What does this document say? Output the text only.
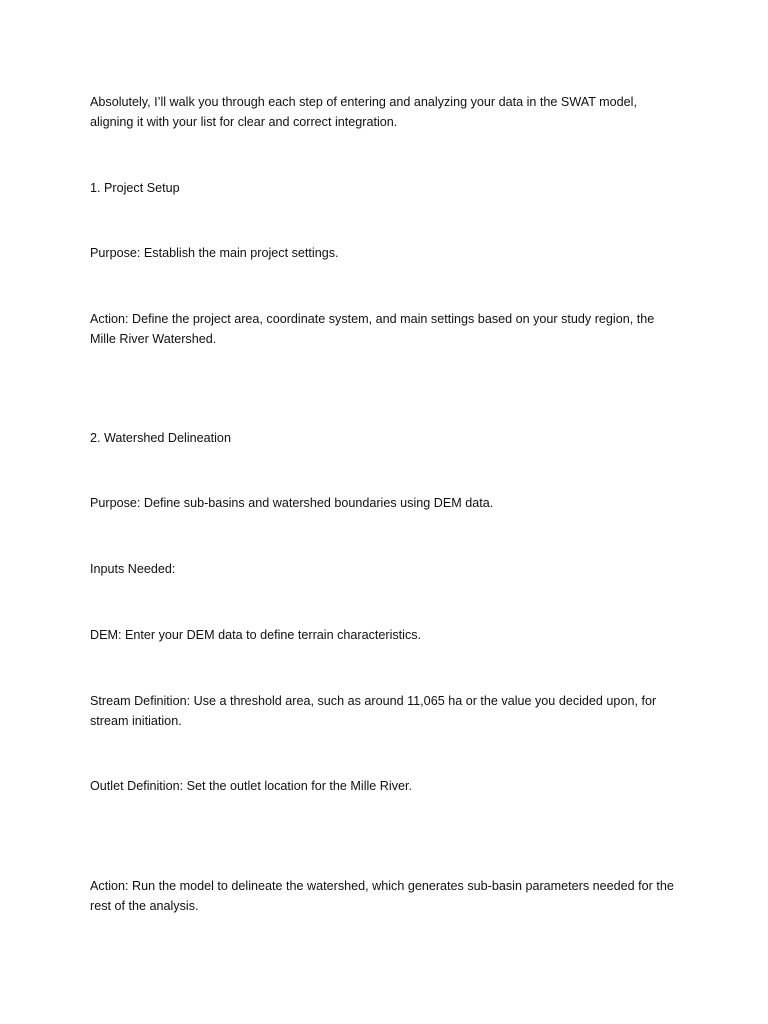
Absolutely, I’ll walk you through each step of entering and analyzing your data in the SWAT model, aligning it with your list for clear and correct integration.

1. Project Setup

Purpose: Establish the main project settings.

Action: Define the project area, coordinate system, and main settings based on your study region, the Mille River Watershed.

2. Watershed Delineation

Purpose: Define sub-basins and watershed boundaries using DEM data.

Inputs Needed:

DEM: Enter your DEM data to define terrain characteristics.

Stream Definition: Use a threshold area, such as around 11,065 ha or the value you decided upon, for stream initiation.

Outlet Definition: Set the outlet location for the Mille River.

Action: Run the model to delineate the watershed, which generates sub-basin parameters needed for the rest of the analysis.
